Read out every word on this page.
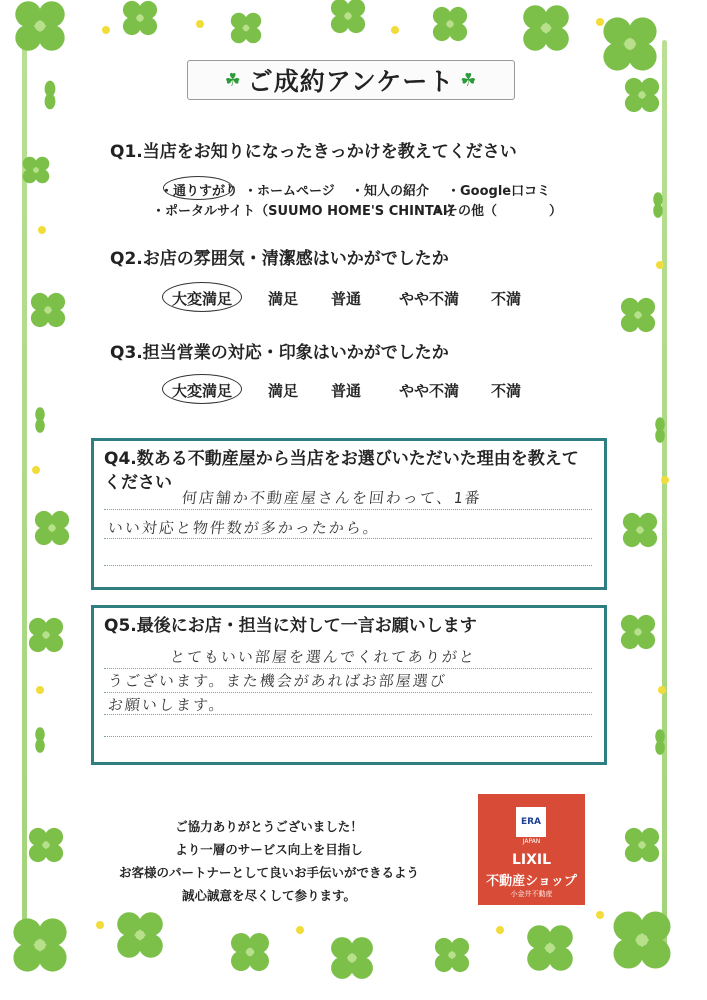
☘ ご成約アンケート ☘
Q1.当店をお知りになったきっかけを教えてください
・通りすがり ・ホームページ ・知人の紹介 ・Google口コミ
・ポータルサイト（SUUMO HOME'S CHINTAI）
・その他（　　　　）
Q2.お店の雰囲気・清潔感はいかがでしたか
大変満足 満足 普通	やや不満 不満
Q3.担当営業の対応・印象はいかがでしたか
大変満足 満足 普通	やや不満 不満
Q4.数ある不動産屋から当店をお選びいただいた理由を教えて
ください
何店舗か不動産屋さんを回わって、1番
いい対応と物件数が多かったから。
Q5.最後にお店・担当に対して一言お願いします
とてもいい部屋を選んでくれてありがと
うございます。また機会があればお部屋選び
お願いします。
ご協力ありがとうございました！
より一層のサービス向上を目指し
お客様のパートナーとして良いお手伝いができるよう
誠心誠意を尽くして参ります。
ERA
JAPAN
LIXIL
不動産ショップ
小金井不動産
